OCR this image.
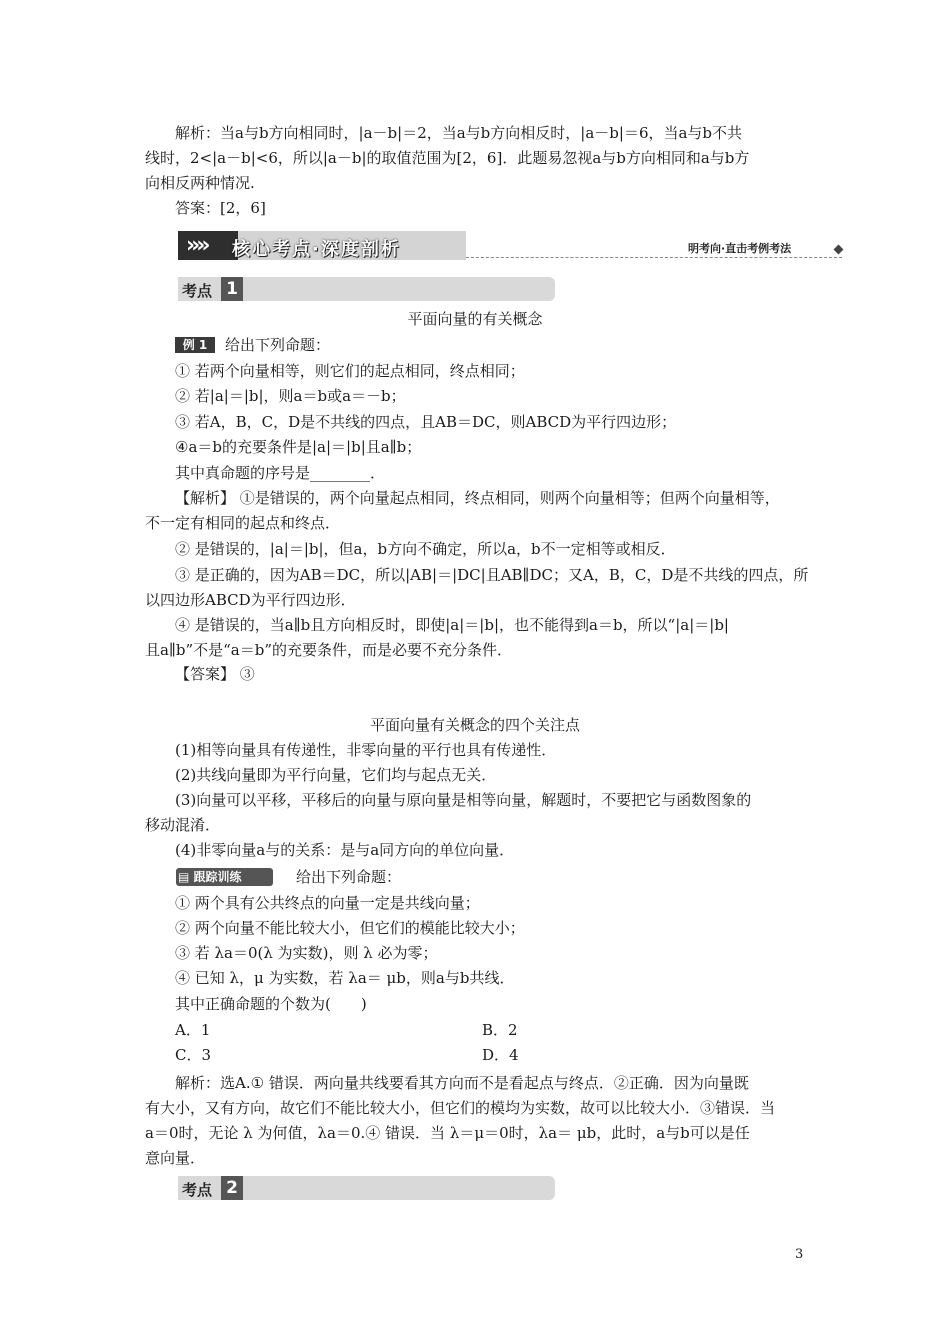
解析：当a与b方向相同时，|a－b|＝2，当a与b方向相反时，|a－b|＝6，当a与b不共
线时，2<|a－b|<6，所以|a－b|的取值范围为[2，6]．此题易忽视a与b方向相同和a与b方
向相反两种情况.
答案：[2，6]
»» 核心考点·深度剖析	明考向·直击考例考法
考点 1
平面向量的有关概念
例 1	给出下列命题：
① 若两个向量相等，则它们的起点相同，终点相同；
② 若|a|＝|b|，则a＝b或a＝－b；
③ 若A，B，C，D是不共线的四点，且AB＝DC，则ABCD为平行四边形；
④a＝b的充要条件是|a|＝|b|且a∥b；
其中真命题的序号是________．
【解析】 ①是错误的，两个向量起点相同，终点相同，则两个向量相等；但两个向量相等，
不一定有相同的起点和终点．
② 是错误的，|a|＝|b|，但a，b方向不确定，所以a，b不一定相等或相反．
③ 是正确的，因为AB＝DC，所以|AB|＝|DC|且AB∥DC；又A，B，C，D是不共线的四点，所
以四边形ABCD为平行四边形．
④ 是错误的，当a∥b且方向相反时，即使|a|＝|b|，也不能得到a＝b，所以“|a|＝|b|
且a∥b”不是“a＝b”的充要条件，而是必要不充分条件．
【答案】 ③
平面向量有关概念的四个关注点
(1)相等向量具有传递性，非零向量的平行也具有传递性．
(2)共线向量即为平行向量，它们均与起点无关．
(3)向量可以平移，平移后的向量与原向量是相等向量，解题时，不要把它与函数图象的
移动混淆．
(4)非零向量a与的关系：是与a同方向的单位向量．
▤ 跟踪训练	给出下列命题：
① 两个具有公共终点的向量一定是共线向量；
② 两个向量不能比较大小，但它们的模能比较大小；
③ 若 λa＝0(λ 为实数)，则 λ 必为零；
④ 已知 λ，μ 为实数，若 λa＝ μb，则a与b共线．
其中正确命题的个数为(　　)
A．1	B．2
C．3	D．4
解析：选A.① 错误．两向量共线要看其方向而不是看起点与终点．②正确．因为向量既
有大小，又有方向，故它们不能比较大小，但它们的模均为实数，故可以比较大小．③错误．当
a＝0时，无论 λ 为何值，λa＝0.④ 错误．当 λ＝μ＝0时，λa＝ μb，此时，a与b可以是任
意向量．
考点 2
3
